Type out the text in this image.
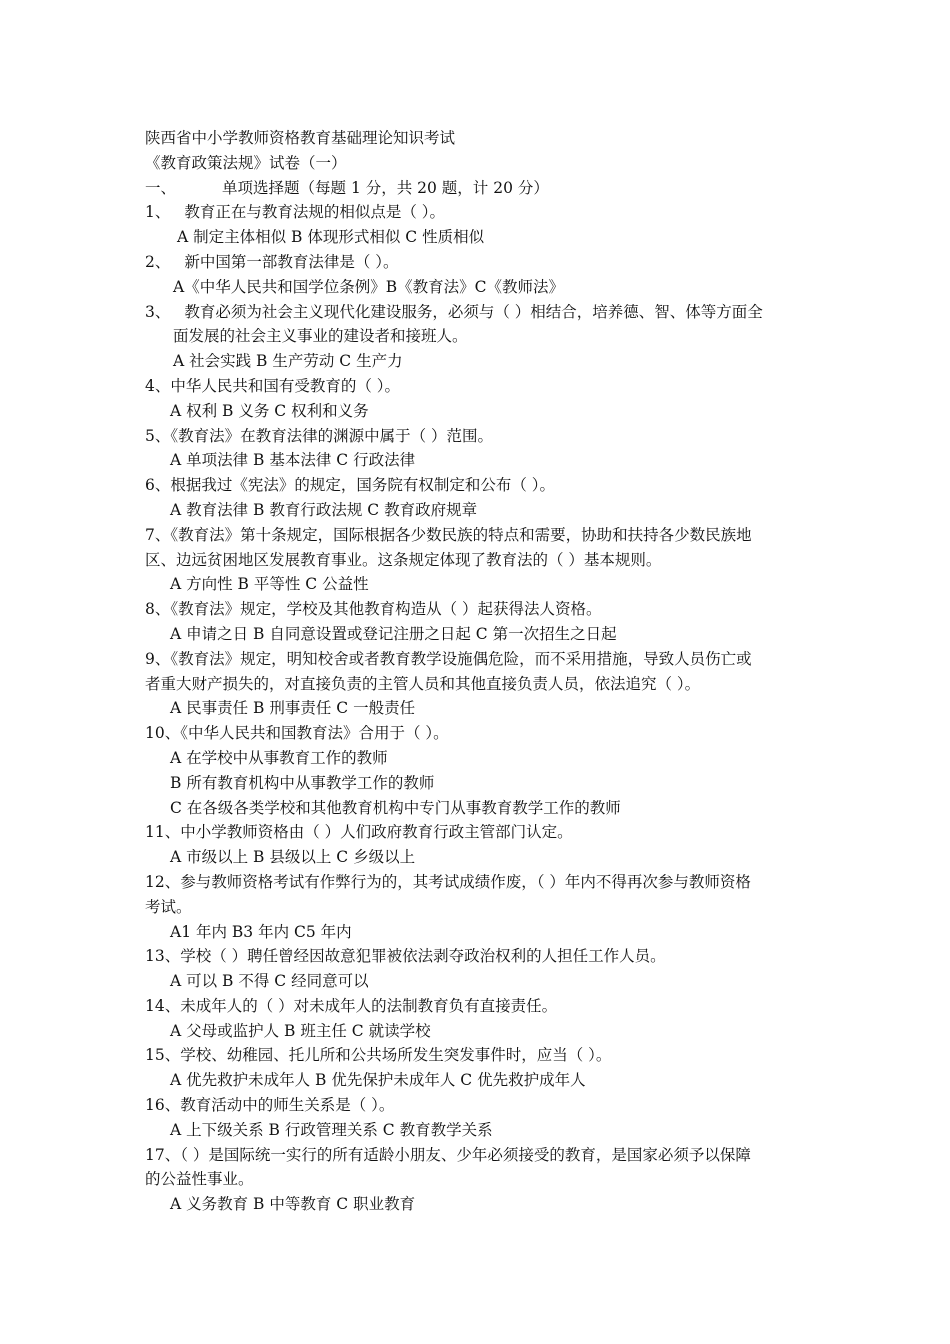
陕西省中小学教师资格教育基础理论知识考试
《教育政策法规》试卷（一）
一、	单项选择题（每题 1 分，共 20 题，计 20 分）
1、 教育正在与教育法规的相似点是（ ）。
A 制定主体相似 B 体现形式相似 C 性质相似
2、 新中国第一部教育法律是（ ）。
A《中华人民共和国学位条例》B《教育法》C《教师法》
3、 教育必须为社会主义现代化建设服务，必须与（ ）相结合，培养德、智、体等方面全
面发展的社会主义事业的建设者和接班人。
A 社会实践 B 生产劳动 C 生产力
4、中华人民共和国有受教育的（ ）。
A 权利 B 义务 C 权利和义务
5、《教育法》在教育法律的渊源中属于（ ）范围。
A 单项法律 B 基本法律 C 行政法律
6、根据我过《宪法》的规定，国务院有权制定和公布（ ）。
A 教育法律 B 教育行政法规 C 教育政府规章
7、《教育法》第十条规定，国际根据各少数民族的特点和需要，协助和扶持各少数民族地
区、边远贫困地区发展教育事业。这条规定体现了教育法的（ ）基本规则。
A 方向性 B 平等性 C 公益性
8、《教育法》规定，学校及其他教育构造从（ ）起获得法人资格。
A 申请之日 B 自同意设置或登记注册之日起 C 第一次招生之日起
9、《教育法》规定，明知校舍或者教育教学设施偶危险，而不采用措施，导致人员伤亡或
者重大财产损失的，对直接负责的主管人员和其他直接负责人员，依法追究（ ）。
A 民事责任 B 刑事责任 C 一般责任
10、《中华人民共和国教育法》合用于（ ）。
A 在学校中从事教育工作的教师
B 所有教育机构中从事教学工作的教师
C 在各级各类学校和其他教育机构中专门从事教育教学工作的教师
11、中小学教师资格由（ ）人们政府教育行政主管部门认定。
A 市级以上 B 县级以上 C 乡级以上
12、参与教师资格考试有作弊行为的，其考试成绩作废，（ ）年内不得再次参与教师资格
考试。
A1 年内 B3 年内 C5 年内
13、学校（ ）聘任曾经因故意犯罪被依法剥夺政治权利的人担任工作人员。
A 可以 B 不得 C 经同意可以
14、未成年人的（ ）对未成年人的法制教育负有直接责任。
A 父母或监护人 B 班主任 C 就读学校
15、学校、幼稚园、托儿所和公共场所发生突发事件时，应当（ ）。
A 优先救护未成年人 B 优先保护未成年人 C 优先救护成年人
16、教育活动中的师生关系是（ ）。
A 上下级关系 B 行政管理关系 C 教育教学关系
17、（ ）是国际统一实行的所有适龄小朋友、少年必须接受的教育，是国家必须予以保障
的公益性事业。
A 义务教育 B 中等教育 C 职业教育
